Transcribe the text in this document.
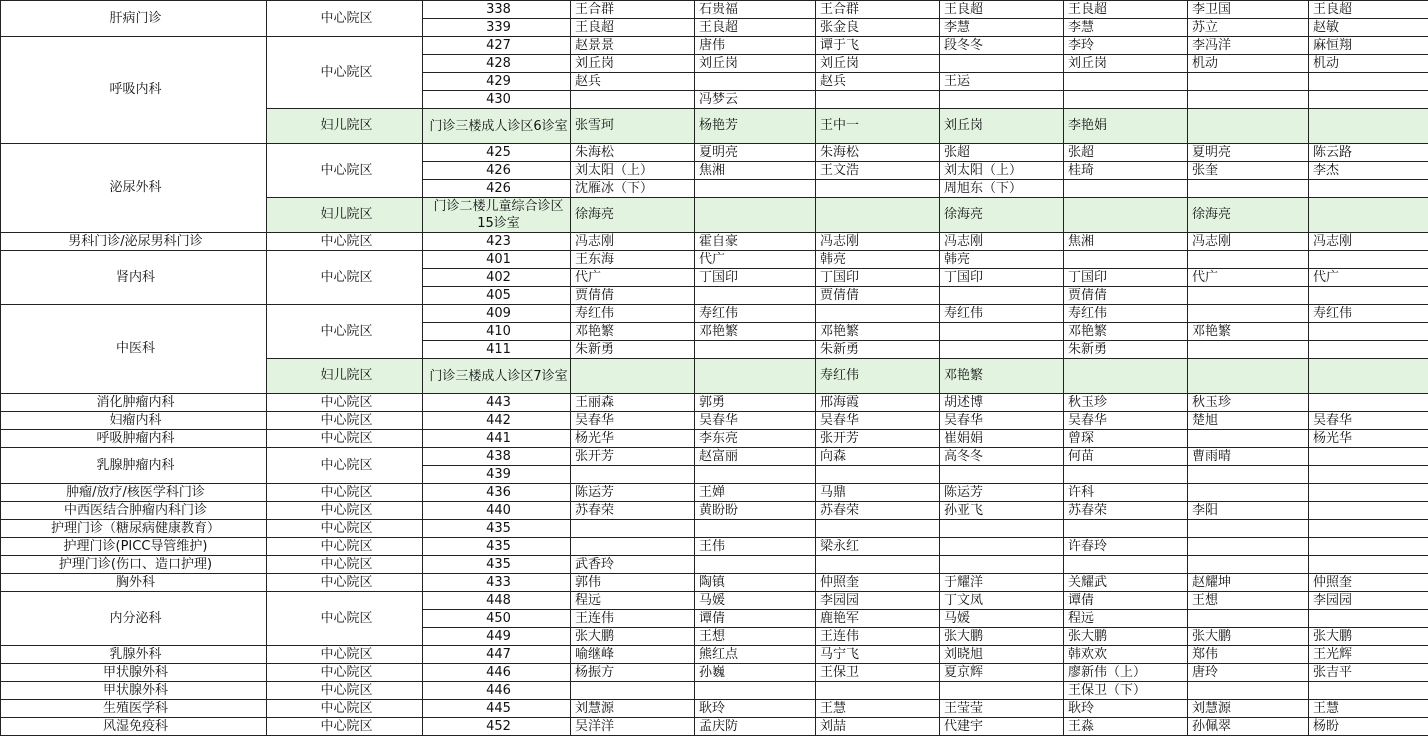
肝病门诊	中心院区	338	王合群	石贵福	王合群	王良超	王良超	李卫国	王良超
		339	王良超	王良超	张金良	李慧	李慧	苏立	赵敏
呼吸内科	中心院区	427	赵景景	唐伟	谭于飞	段冬冬	李玲	李冯洋	麻恒翔
		428	刘丘岗	刘丘岗	刘丘岗		刘丘岗	机动	机动
		429	赵兵		赵兵	王运			
		430		冯梦云					
	妇儿院区	门诊三楼成人诊区6诊室	张雪珂	杨艳芳	王中一	刘丘岗	李艳娟		
泌尿外科	中心院区	425	朱海松	夏明亮	朱海松	张超	张超	夏明亮	陈云路
		426	刘太阳（上）	焦湘	王文浩	刘太阳（上）	桂琦	张奎	李杰
		426	沈雁冰（下）			周旭东（下）			
	妇儿院区	门诊二楼儿童综合诊区15诊室	徐海亮			徐海亮		徐海亮	
男科门诊/泌尿男科门诊	中心院区	423	冯志刚	霍自豪	冯志刚	冯志刚	焦湘	冯志刚	冯志刚
肾内科	中心院区	401	王东海	代广	韩亮	韩亮			
		402	代广	丁国印	丁国印	丁国印	丁国印	代广	代广
		405	贾倩倩		贾倩倩		贾倩倩		
中医科	中心院区	409	寿红伟	寿红伟		寿红伟	寿红伟		寿红伟
		410	邓艳繁	邓艳繁	邓艳繁		邓艳繁	邓艳繁	
		411	朱新勇		朱新勇		朱新勇		
	妇儿院区	门诊三楼成人诊区7诊室			寿红伟	邓艳繁			
消化肿瘤内科	中心院区	443	王丽森	郭勇	邢海霞	胡述博	秋玉珍	秋玉珍	
妇瘤内科	中心院区	442	吴春华	吴春华	吴春华	吴春华	吴春华	楚旭	吴春华
呼吸肿瘤内科	中心院区	441	杨光华	李东亮	张开芳	崔娟娟	曾琛		杨光华
乳腺肿瘤内科	中心院区	438	张开芳	赵富丽	向森	高冬冬	何苗	曹雨晴	
		439							
肿瘤/放疗/核医学科门诊	中心院区	436	陈运芳	王婵	马鼎	陈运芳	许科		
中西医结合肿瘤内科门诊	中心院区	440	苏春荣	黄盼盼	苏春荣	孙亚飞	苏春荣	李阳	
护理门诊（糖尿病健康教育）	中心院区	435							
护理门诊(PICC导管维护)	中心院区	435		王伟	梁永红		许春玲		
护理门诊(伤口、造口护理)	中心院区	435	武香玲						
胸外科	中心院区	433	郭伟	陶镇	仲照奎	于耀洋	关耀武	赵耀坤	仲照奎
内分泌科	中心院区	448	程远	马媛	李园园	丁文凤	谭倩	王想	李园园
		450	王连伟	谭倩	鹿艳军	马媛	程远		
		449	张大鹏	王想	王连伟	张大鹏	张大鹏	张大鹏	张大鹏
乳腺外科	中心院区	447	喻继峰	熊红点	马宁飞	刘晓旭	韩欢欢	郑伟	王光辉
甲状腺外科	中心院区	446	杨振方	孙巍	王保卫	夏京辉	廖新伟（上）	唐玲	张吉平
甲状腺外科	中心院区	446					王保卫（下）		
生殖医学科	中心院区	445	刘慧源	耿玲	王慧	王莹莹	耿玲	刘慧源	王慧
风湿免疫科	中心院区	452	吴洋洋	孟庆防	刘喆	代建宇	王淼	孙佩翠	杨盼
